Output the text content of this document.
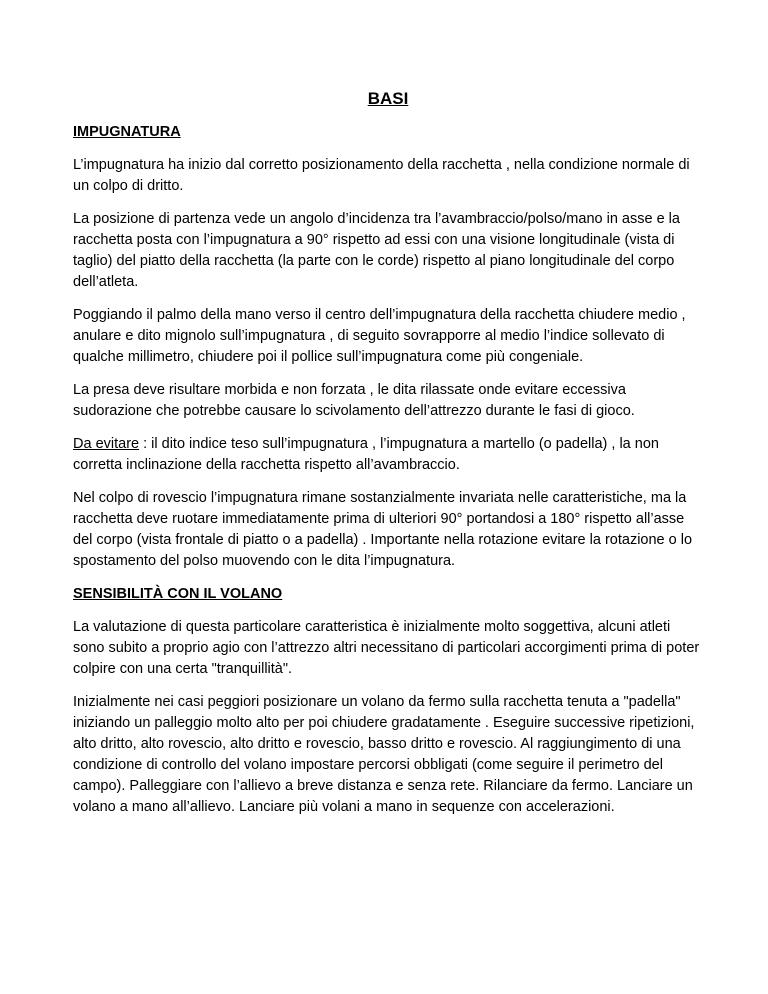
BASI
IMPUGNATURA

L’impugnatura ha inizio dal corretto posizionamento della racchetta , nella condizione normale di un colpo di dritto.

La posizione di partenza vede un angolo d’incidenza tra l’avambraccio/polso/mano in asse e la racchetta posta con l’impugnatura a 90° rispetto ad essi con una visione longitudinale (vista di taglio) del piatto della racchetta (la parte con le corde) rispetto al piano longitudinale del corpo dell’atleta.

Poggiando il palmo della mano verso il centro dell’impugnatura della racchetta chiudere medio , anulare e dito mignolo sull’impugnatura , di seguito sovrapporre al medio l’indice sollevato di qualche millimetro, chiudere poi il pollice sull’impugnatura come più congeniale.

La presa deve risultare morbida e non forzata , le dita rilassate onde evitare eccessiva sudorazione che potrebbe causare lo scivolamento dell’attrezzo durante le fasi di gioco.

Da evitare : il dito indice teso sull’impugnatura , l’impugnatura a martello (o padella) , la non corretta inclinazione della racchetta rispetto all’avambraccio.

Nel colpo di rovescio l’impugnatura rimane sostanzialmente invariata nelle caratteristiche, ma la racchetta deve ruotare immediatamente prima di ulteriori 90° portandosi a 180° rispetto all’asse del corpo (vista frontale di piatto o a padella) . Importante nella rotazione evitare la rotazione o lo spostamento del polso muovendo con le dita l’impugnatura.

SENSIBILITÀ CON IL VOLANO

La valutazione di questa particolare caratteristica è inizialmente molto soggettiva, alcuni atleti sono subito a proprio agio con l’attrezzo altri necessitano di particolari accorgimenti prima di poter colpire con una certa "tranquillità".

Inizialmente nei casi peggiori posizionare un volano da fermo sulla racchetta tenuta a "padella" iniziando un palleggio molto alto per poi chiudere gradatamente . Eseguire successive ripetizioni, alto dritto, alto rovescio, alto dritto e rovescio, basso dritto e rovescio. Al raggiungimento di una condizione di controllo del volano impostare percorsi obbligati (come seguire il perimetro del campo). Palleggiare con l’allievo a breve distanza e senza rete. Rilanciare da fermo. Lanciare un volano a mano all’allievo. Lanciare più volani a mano in sequenze con accelerazioni.
